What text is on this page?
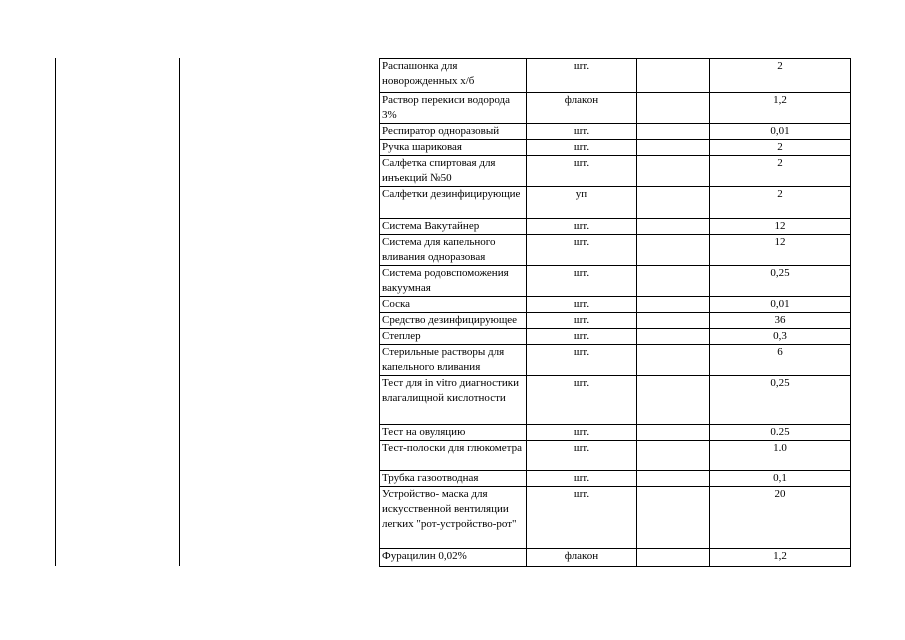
Распашонка для новорожденных х/б	шт.		2
Раствор перекиси водорода 3%	флакон		1,2
Респиратор одноразовый	шт.		0,01
Ручка шариковая	шт.		2
Салфетка спиртовая для инъекций №50	шт.		2
Салфетки дезинфицирующие	уп		2
Система Вакутайнер	шт.		12
Система для капельного вливания одноразовая	шт.		12
Система родовспоможения вакуумная	шт.		0,25
Соска	шт.		0,01
Средство дезинфицирующее	шт.		36
Степлер	шт.		0,3
Стерильные растворы для капельного вливания	шт.		6
Тест для in vitro диагностики влагалищной кислотности	шт.		0,25
Тест на овуляцию	шт.		0.25
Тест-полоски для глюкометра	шт.		1.0
Трубка газоотводная	шт.		0,1
Устройство- маска для искусственной вентиляции легких "рот-устройство-рот"	шт.		20
Фурацилин 0,02%	флакон		1,2
